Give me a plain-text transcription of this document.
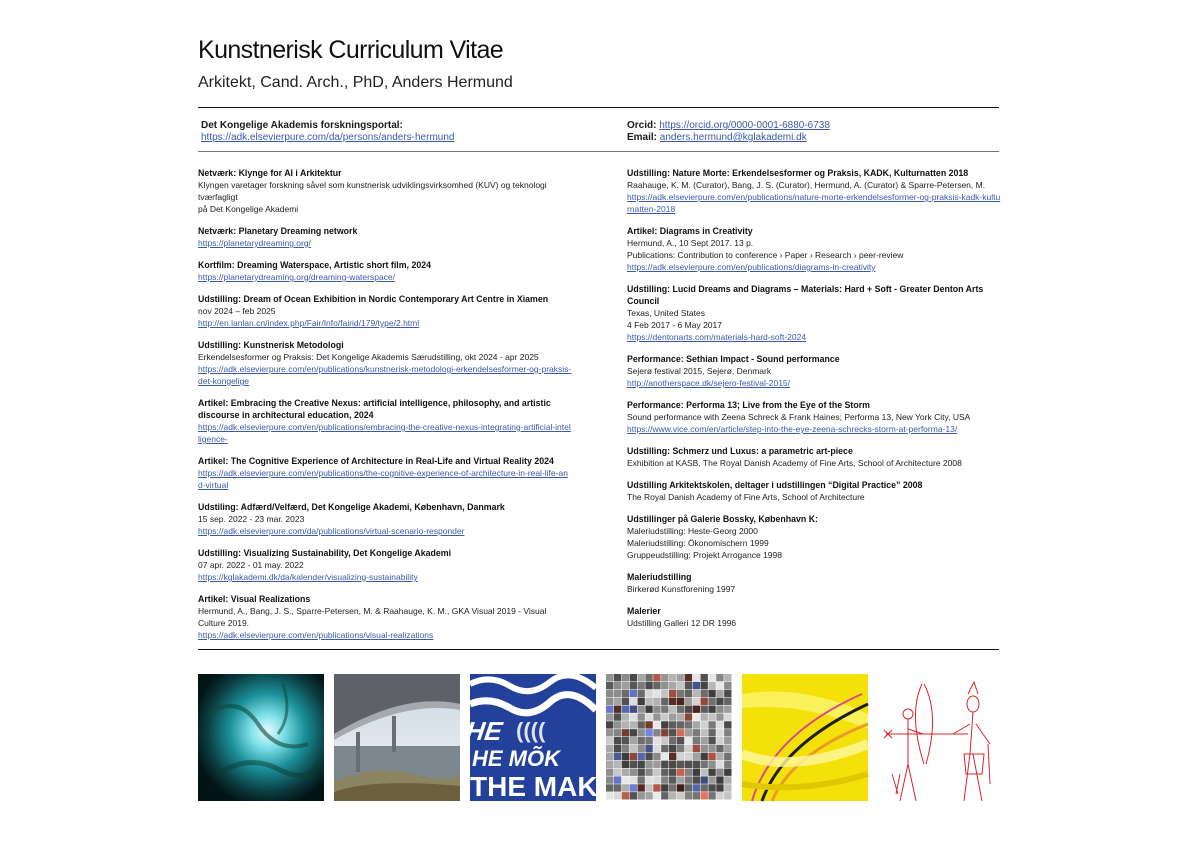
Kunstnerisk Curriculum Vitae
Arkitekt, Cand. Arch., PhD, Anders Hermund
Det Kongelige Akademis forskningsportal:
https://adk.elsevierpure.com/da/persons/anders-hermund
Orcid: https://orcid.org/0000-0001-6880-6738
Email: anders.hermund@kglakademi.dk
Netværk: Klynge for AI i Arkitektur
Klyngen varetager forskning såvel som kunstnerisk udviklingsvirksomhed (KUV) og teknologi tværfagligt
på Det Kongelige Akademi
Netværk: Planetary Dreaming network
https://planetarydreaming.org/
Kortfilm: Dreaming Waterspace, Artistic short film, 2024
https://planetarydreaming.org/dreaming-waterspace/
Udstilling: Dream of Ocean Exhibition in Nordic Contemporary Art Centre in Xiamen
nov 2024 – feb 2025
http://en.lanlan.cn/index.php/Fair/Info/fairid/179/type/2.html
Udstilling: Kunstnerisk Metodologi
Erkendelsesformer og Praksis: Det Kongelige Akademis Særudstilling, okt 2024 - apr 2025
https://adk.elsevierpure.com/en/publications/kunstnerisk-metodologi-erkendelsesformer-og-praksis-det-kongelige
Artikel: Embracing the Creative Nexus: artificial intelligence, philosophy, and artistic discourse in architectural education, 2024
https://adk.elsevierpure.com/en/publications/embracing-the-creative-nexus-integrating-artificial-intelligence-
Artikel: The Cognitive Experience of Architecture in Real-Life and Virtual Reality 2024
https://adk.elsevierpure.com/en/publications/the-cognitive-experience-of-architecture-in-real-life-and-virtual
Udstiling: Adfærd/Velfærd, Det Kongelige Akademi, København, Danmark
15 sep. 2022 - 23 mar. 2023
https://adk.elsevierpure.com/da/publications/virtual-scenario-responder
Udstilling: Visualizing Sustainability, Det Kongelige Akademi
07 apr. 2022 - 01 may. 2022
https://kglakademi.dk/da/kalender/visualizing-sustainability
Artikel: Visual Realizations
Hermund, A., Bang, J. S., Sparre-Petersen, M. & Raahauge, K. M., GKA Visual 2019 - Visual Culture 2019.
https://adk.elsevierpure.com/en/publications/visual-realizations
Udstilling: Nature Morte: Erkendelsesformer og Praksis, KADK, Kulturnatten 2018
Raahauge, K. M. (Curator), Bang, J. S. (Curator), Hermund, A. (Curator) & Sparre-Petersen, M.
https://adk.elsevierpure.com/en/publications/nature-morte-erkendelsesformer-og-praksis-kadk-kulturnatten-2018
Artikel: Diagrams in Creativity
Hermund, A., 10 Sept 2017. 13 p.
Publications: Contribution to conference › Paper › Research › peer-review
https://adk.elsevierpure.com/en/publications/diagrams-in-creativity
Udstilling: Lucid Dreams and Diagrams – Materials: Hard + Soft - Greater Denton Arts Council
Texas, United States
4 Feb 2017 - 6 May 2017
https://dentonarts.com/materials-hard-soft-2024
Performance: Sethian Impact - Sound performance
Sejerø festival 2015, Sejerø, Denmark
http://anotherspace.dk/sejero-festival-2015/
Performance: Performa 13; Live from the Eye of the Storm
Sound performance with Zeena Schreck & Frank Haines; Performa 13, New York City, USA
https://www.vice.com/en/article/step-into-the-eye-zeena-schrecks-storm-at-performa-13/
Udstilling: Schmerz und Luxus: a parametric art-piece
Exhibition at KASB, The Royal Danish Academy of Fine Arts, School of Architecture 2008
Udstilling Arkitektskolen, deltager i udstillingen “Digital Practice” 2008
The Royal Danish Academy of Fine Arts, School of Architecture
Udstillinger på Galerie Bossky, København K:
Maleriudstilling: Heste-Georg 2000
Maleriudstilling: Ökonomischern 1999
Gruppeudstilling: Projekt Arrogance 1998
Maleriudstilling
Birkerød Kunstforening 1997
Malerier
Udstilling Galleri 12 DR 1996
HE ((((
HE MÕK
THE MAKI
